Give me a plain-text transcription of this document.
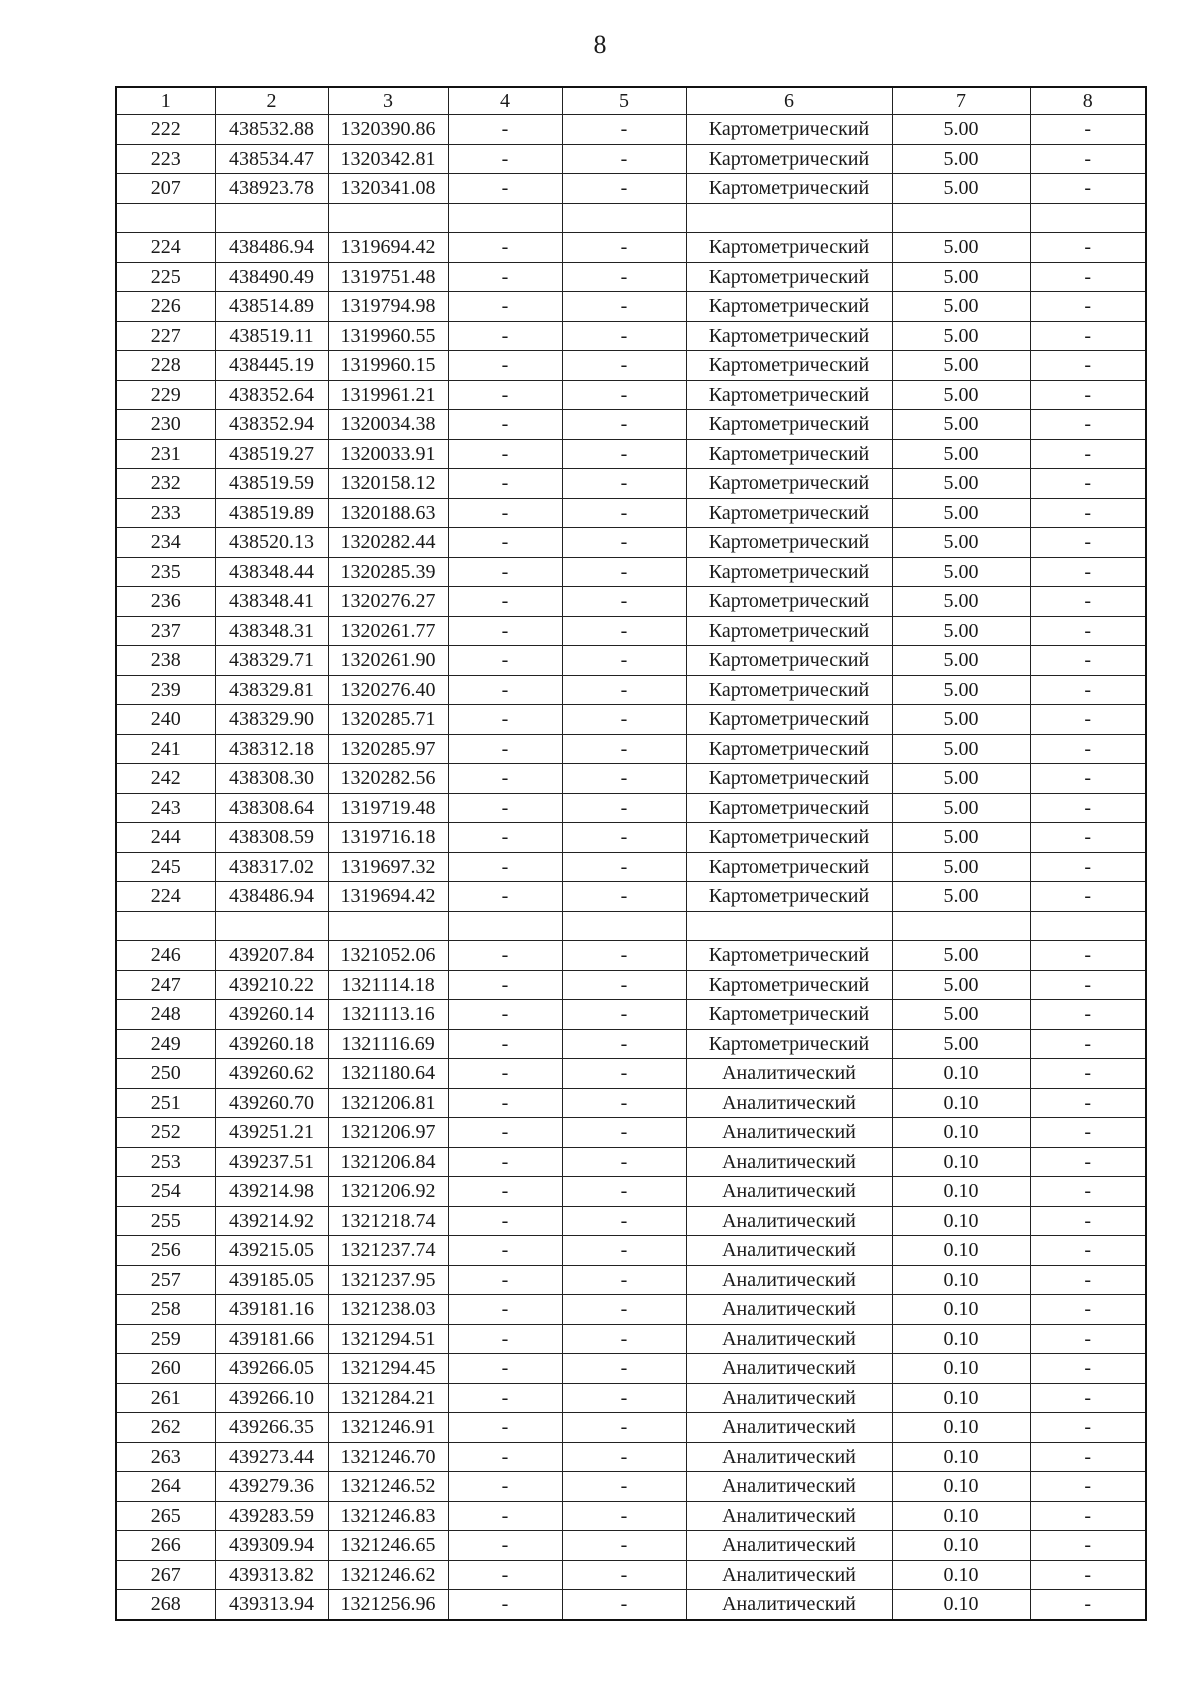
8
1	2	3	4	5	6	7	8
222	438532.88	1320390.86	-	-	Картометрический	5.00	-
223	438534.47	1320342.81	-	-	Картометрический	5.00	-
207	438923.78	1320341.08	-	-	Картометрический	5.00	-

224	438486.94	1319694.42	-	-	Картометрический	5.00	-
225	438490.49	1319751.48	-	-	Картометрический	5.00	-
226	438514.89	1319794.98	-	-	Картометрический	5.00	-
227	438519.11	1319960.55	-	-	Картометрический	5.00	-
228	438445.19	1319960.15	-	-	Картометрический	5.00	-
229	438352.64	1319961.21	-	-	Картометрический	5.00	-
230	438352.94	1320034.38	-	-	Картометрический	5.00	-
231	438519.27	1320033.91	-	-	Картометрический	5.00	-
232	438519.59	1320158.12	-	-	Картометрический	5.00	-
233	438519.89	1320188.63	-	-	Картометрический	5.00	-
234	438520.13	1320282.44	-	-	Картометрический	5.00	-
235	438348.44	1320285.39	-	-	Картометрический	5.00	-
236	438348.41	1320276.27	-	-	Картометрический	5.00	-
237	438348.31	1320261.77	-	-	Картометрический	5.00	-
238	438329.71	1320261.90	-	-	Картометрический	5.00	-
239	438329.81	1320276.40	-	-	Картометрический	5.00	-
240	438329.90	1320285.71	-	-	Картометрический	5.00	-
241	438312.18	1320285.97	-	-	Картометрический	5.00	-
242	438308.30	1320282.56	-	-	Картометрический	5.00	-
243	438308.64	1319719.48	-	-	Картометрический	5.00	-
244	438308.59	1319716.18	-	-	Картометрический	5.00	-
245	438317.02	1319697.32	-	-	Картометрический	5.00	-
224	438486.94	1319694.42	-	-	Картометрический	5.00	-

246	439207.84	1321052.06	-	-	Картометрический	5.00	-
247	439210.22	1321114.18	-	-	Картометрический	5.00	-
248	439260.14	1321113.16	-	-	Картометрический	5.00	-
249	439260.18	1321116.69	-	-	Картометрический	5.00	-
250	439260.62	1321180.64	-	-	Аналитический	0.10	-
251	439260.70	1321206.81	-	-	Аналитический	0.10	-
252	439251.21	1321206.97	-	-	Аналитический	0.10	-
253	439237.51	1321206.84	-	-	Аналитический	0.10	-
254	439214.98	1321206.92	-	-	Аналитический	0.10	-
255	439214.92	1321218.74	-	-	Аналитический	0.10	-
256	439215.05	1321237.74	-	-	Аналитический	0.10	-
257	439185.05	1321237.95	-	-	Аналитический	0.10	-
258	439181.16	1321238.03	-	-	Аналитический	0.10	-
259	439181.66	1321294.51	-	-	Аналитический	0.10	-
260	439266.05	1321294.45	-	-	Аналитический	0.10	-
261	439266.10	1321284.21	-	-	Аналитический	0.10	-
262	439266.35	1321246.91	-	-	Аналитический	0.10	-
263	439273.44	1321246.70	-	-	Аналитический	0.10	-
264	439279.36	1321246.52	-	-	Аналитический	0.10	-
265	439283.59	1321246.83	-	-	Аналитический	0.10	-
266	439309.94	1321246.65	-	-	Аналитический	0.10	-
267	439313.82	1321246.62	-	-	Аналитический	0.10	-
268	439313.94	1321256.96	-	-	Аналитический	0.10	-
